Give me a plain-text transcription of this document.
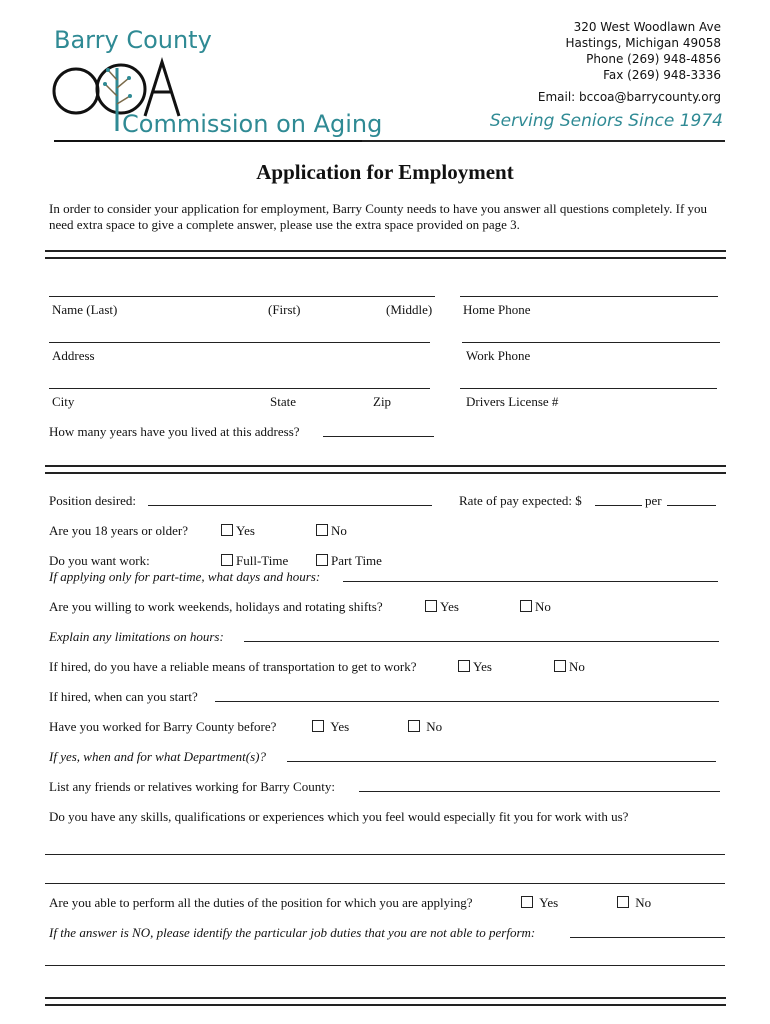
Barry County
Commission on Aging
320 West Woodlawn Ave
Hastings, Michigan 49058
Phone (269) 948-4856
Fax (269) 948-3336
Email: bccoa@barrycounty.org
Serving Seniors Since 1974
Application for Employment
In order to consider your application for employment, Barry County needs to have you answer all questions completely. If you need extra space to give a complete answer, please use the extra space provided on page 3.
Name (Last)	(First)	(Middle) Home Phone
Address	Work Phone
City	State	Zip	Drivers License #
How many years have you lived at this address?
Position desired:	Rate of pay expected: $	per
Are you 18 years or older?	Yes	No
Do you want work:	Full-Time	Part Time
If applying only for part-time, what days and hours:
Are you willing to work weekends, holidays and rotating shifts?	Yes	No
Explain any limitations on hours:
If hired, do you have a reliable means of transportation to get to work?	Yes	No
If hired, when can you start?
Have you worked for Barry County before?	Yes	No
If yes, when and for what Department(s)?
List any friends or relatives working for Barry County:
Do you have any skills, qualifications or experiences which you feel would especially fit you for work with us?
Are you able to perform all the duties of the position for which you are applying?	Yes	No
If the answer is NO, please identify the particular job duties that you are not able to perform:
